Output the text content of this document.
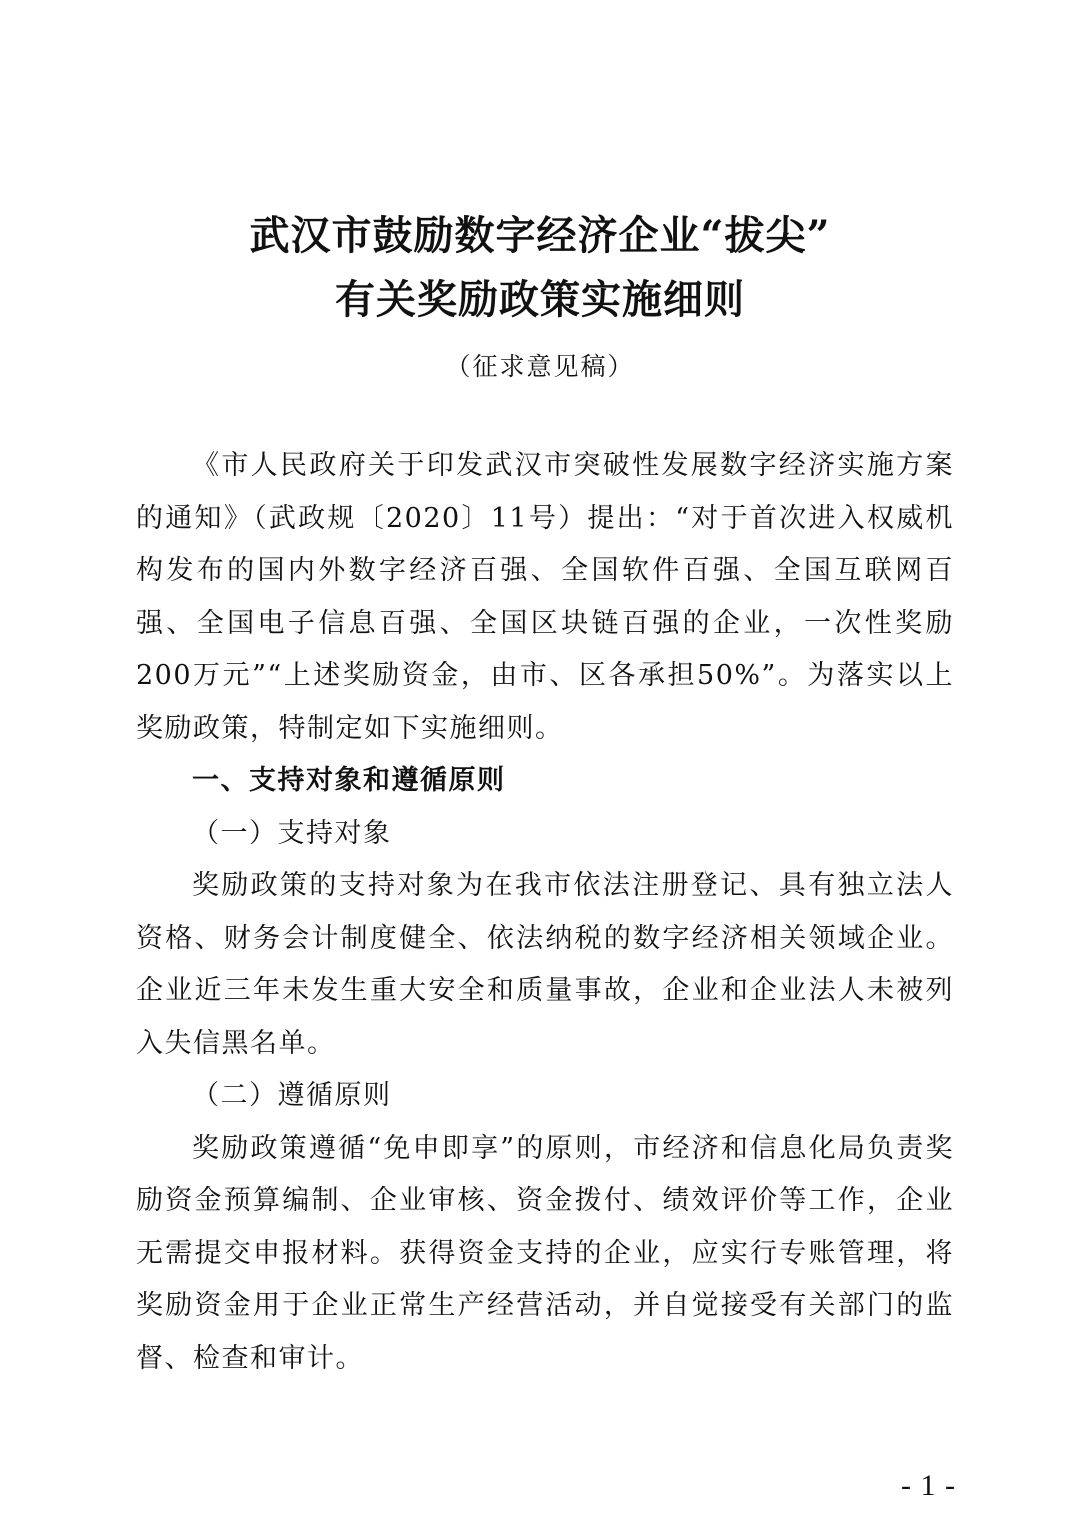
武汉市鼓励数字经济企业“拔尖”
有关奖励政策实施细则
（征求意见稿）

《市人民政府关于印发武汉市突破性发展数字经济实施方案的通知》（武政规〔2020〕11号）提出：“对于首次进入权威机构发布的国内外数字经济百强、全国软件百强、全国互联网百强、全国电子信息百强、全国区块链百强的企业，一次性奖励200万元”“上述奖励资金，由市、区各承担50%”。为落实以上奖励政策，特制定如下实施细则。

一、支持对象和遵循原则

（一）支持对象

奖励政策的支持对象为在我市依法注册登记、具有独立法人资格、财务会计制度健全、依法纳税的数字经济相关领域企业。企业近三年未发生重大安全和质量事故，企业和企业法人未被列入失信黑名单。

（二）遵循原则

奖励政策遵循“免申即享”的原则，市经济和信息化局负责奖励资金预算编制、企业审核、资金拨付、绩效评价等工作，企业无需提交申报材料。获得资金支持的企业，应实行专账管理，将奖励资金用于企业正常生产经营活动，并自觉接受有关部门的监督、检查和审计。

- 1 -
